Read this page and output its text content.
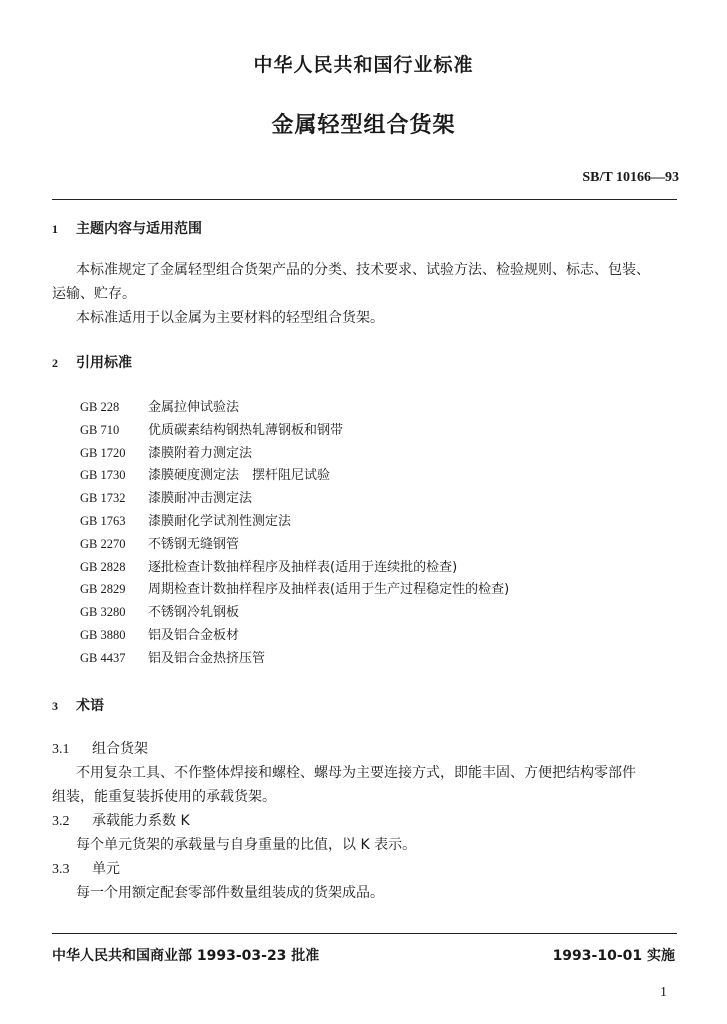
中华人民共和国行业标准
金属轻型组合货架
SB/T 10166—93
1 主题内容与适用范围
本标准规定了金属轻型组合货架产品的分类、技术要求、试验方法、检验规则、标志、包装、
运输、贮存。
本标准适用于以金属为主要材料的轻型组合货架。
2 引用标准
GB 228 金属拉伸试验法
GB 710 优质碳素结构钢热轧薄钢板和钢带
GB 1720 漆膜附着力测定法
GB 1730 漆膜硬度测定法　摆杆阻尼试验
GB 1732 漆膜耐冲击测定法
GB 1763 漆膜耐化学试剂性测定法
GB 2270 不锈钢无缝钢管
GB 2828 逐批检查计数抽样程序及抽样表(适用于连续批的检查)
GB 2829 周期检查计数抽样程序及抽样表(适用于生产过程稳定性的检查)
GB 3280 不锈钢冷轧钢板
GB 3880 铝及铝合金板材
GB 4437 铝及铝合金热挤压管
3 术语
3.1 组合货架
不用复杂工具、不作整体焊接和螺栓、螺母为主要连接方式，即能丰固、方便把结构零部件
组装，能重复装拆使用的承载货架。
3.2 承载能力系数 K
每个单元货架的承载量与自身重量的比值，以 K 表示。
3.3 单元
每一个用额定配套零部件数量组装成的货架成品。
中华人民共和国商业部 1993-03-23 批准	1993-10-01 实施
1
